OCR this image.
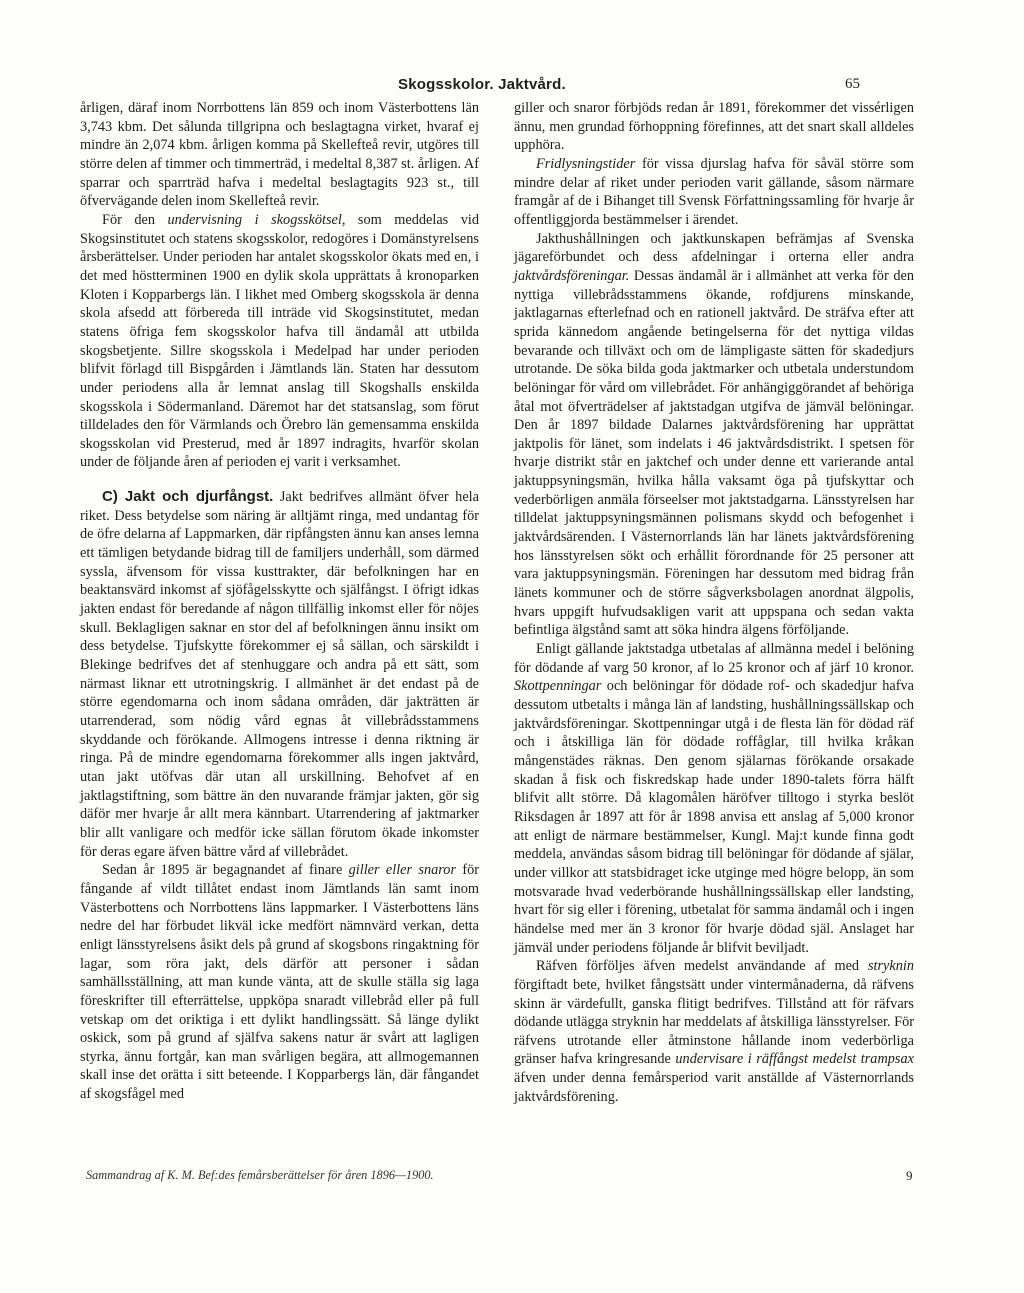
Skogsskolor. Jaktvård.	65

årligen, däraf inom Norrbottens län 859 och inom Västerbottens län 3,743 kbm. Det sålunda tillgripna och beslagtagna virket, hvaraf ej mindre än 2,074 kbm. årligen komma på Skellefteå revir, utgöres till större delen af timmer och timmerträd, i medeltal 8,387 st. årligen. Af sparrar och sparrträd hafva i medeltal beslagtagits 923 st., till öfvervägande delen inom Skellefteå revir.

För den undervisning i skogsskötsel, som meddelas vid Skogsinstitutet och statens skogsskolor, redogöres i Domänstyrelsens årsberättelser. Under perioden har antalet skogsskolor ökats med en, i det med höstterminen 1900 en dylik skola upprättats å kronoparken Kloten i Kopparbergs län. I likhet med Omberg skogsskola är denna skola afsedd att förbereda till inträde vid Skogsinstitutet, medan statens öfriga fem skogsskolor hafva till ändamål att utbilda skogsbetjente. Sillre skogsskola i Medelpad har under perioden blifvit förlagd till Bispgården i Jämtlands län. Staten har dessutom under periodens alla år lemnat anslag till Skogshalls enskilda skogsskola i Södermanland. Däremot har det statsanslag, som förut tilldelades den för Värmlands och Örebro län gemensamma enskilda skogsskolan vid Presterud, med år 1897 indragits, hvarför skolan under de följande åren af perioden ej varit i verksamhet.

C) Jakt och djurfångst. Jakt bedrifves allmänt öfver hela riket. Dess betydelse som näring är alltjämt ringa, med undantag för de öfre delarna af Lappmarken, där ripfångsten ännu kan anses lemna ett tämligen betydande bidrag till de familjers underhåll, som därmed syssla, äfvensom för vissa kusttrakter, där befolkningen har en beaktansvärd inkomst af sjöfågelsskytte och själfångst. I öfrigt idkas jakten endast för beredande af någon tillfällig inkomst eller för nöjes skull. Beklagligen saknar en stor del af befolkningen ännu insikt om dess betydelse. Tjufskytte förekommer ej så sällan, och särskildt i Blekinge bedrifves det af stenhuggare och andra på ett sätt, som närmast liknar ett utrotningskrig. I allmänhet är det endast på de större egendomarna och inom sådana områden, där jakträtten är utarrenderad, som nödig vård egnas åt villebrådsstammens skyddande och förökande. Allmogens intresse i denna riktning är ringa. På de mindre egendomarna förekommer alls ingen jaktvård, utan jakt utöfvas där utan all urskillning. Behofvet af en jaktlagstiftning, som bättre än den nuvarande främjar jakten, gör sig däför mer hvarje år allt mera kännbart. Utarrendering af jaktmarker blir allt vanligare och medför icke sällan förutom ökade inkomster för deras egare äfven bättre vård af villebrådet.

Sedan år 1895 är begagnandet af finare giller eller snaror för fångande af vildt tillåtet endast inom Jämtlands län samt inom Västerbottens och Norrbottens läns lappmarker. I Västerbottens läns nedre del har förbudet likväl icke medfört nämnvärd verkan, detta enligt länsstyrelsens åsikt dels på grund af skogsbons ringaktning för lagar, som röra jakt, dels därför att personer i sådan samhällsställning, att man kunde vänta, att de skulle ställa sig laga föreskrifter till efterrättelse, uppköpa snaradt villebråd eller på full vetskap om det oriktiga i ett dylikt handlingssätt. Så länge dylikt oskick, som på grund af själfva sakens natur är svårt att lagligen styrka, ännu fortgår, kan man svårligen begära, att allmogemannen skall inse det orätta i sitt beteende. I Kopparbergs län, där fångandet af skogsfågel med

giller och snaror förbjöds redan år 1891, förekommer det vissérligen ännu, men grundad förhoppning förefinnes, att det snart skall alldeles upphöra.

Fridlysningstider för vissa djurslag hafva för såväl större som mindre delar af riket under perioden varit gällande, såsom närmare framgår af de i Bihanget till Svensk Författningssamling för hvarje år offentliggjorda bestämmelser i ärendet.

Jakthushållningen och jaktkunskapen befrämjas af Svenska jägareförbundet och dess afdelningar i orterna eller andra jaktvårdsföreningar. Dessas ändamål är i allmänhet att verka för den nyttiga villebrådsstammens ökande, rofdjurens minskande, jaktlagarnas efterlefnad och en rationell jaktvård. De sträfva efter att sprida kännedom angående betingelserna för det nyttiga vildas bevarande och tillväxt och om de lämpligaste sätten för skadedjurs utrotande. De söka bilda goda jaktmarker och utbetala understundom belöningar för vård om villebrådet. För anhängiggörandet af behöriga åtal mot öfverträdelser af jaktstadgan utgifva de jämväl belöningar. Den år 1897 bildade Dalarnes jaktvårdsförening har upprättat jaktpolis för länet, som indelats i 46 jaktvårdsdistrikt. I spetsen för hvarje distrikt står en jaktchef och under denne ett varierande antal jaktuppsyningsmän, hvilka hålla vaksamt öga på tjufskyttar och vederbörligen anmäla förseelser mot jaktstadgarna. Länsstyrelsen har tilldelat jaktuppsyningsmännen polismans skydd och befogenhet i jaktvårdsärenden. I Västernorrlands län har länets jaktvårdsförening hos länsstyrelsen sökt och erhållit förordnande för 25 personer att vara jaktuppsyningsmän. Föreningen har dessutom med bidrag från länets kommuner och de större sågverksbolagen anordnat älgpolis, hvars uppgift hufvudsakligen varit att uppspana och sedan vakta befintliga älgstånd samt att söka hindra älgens förföljande.

Enligt gällande jaktstadga utbetalas af allmänna medel i belöning för dödande af varg 50 kronor, af lo 25 kronor och af järf 10 kronor. Skottpenningar och belöningar för dödade rof- och skadedjur hafva dessutom utbetalts i många län af landsting, hushållningssällskap och jaktvårdsföreningar. Skottpenningar utgå i de flesta län för dödad räf och i åtskilliga län för dödade roffåglar, till hvilka kråkan mångenstädes räknas. Den genom själarnas förökande orsakade skadan å fisk och fiskredskap hade under 1890-talets förra hälft blifvit allt större. Då klagomålen häröfver tilltogo i styrka beslöt Riksdagen år 1897 att för år 1898 anvisa ett anslag af 5,000 kronor att enligt de närmare bestämmelser, Kungl. Maj:t kunde finna godt meddela, användas såsom bidrag till belöningar för dödande af själar, under villkor att statsbidraget icke utginge med högre belopp, än som motsvarade hvad vederbörande hushållningssällskap eller landsting, hvart för sig eller i förening, utbetalat för samma ändamål och i ingen händelse med mer än 3 kronor för hvarje dödad själ. Anslaget har jämväl under periodens följande år blifvit beviljadt.

Räfven förföljes äfven medelst användande af med stryknin förgiftadt bete, hvilket fångstsätt under vintermånaderna, då räfvens skinn är värdefullt, ganska flitigt bedrifves. Tillstånd att för räfvars dödande utlägga stryknin har meddelats af åtskilliga länsstyrelser. För räfvens utrotande eller åtminstone hållande inom vederbörliga gränser hafva kringresande undervisare i räffångst medelst trampsax äfven under denna femårsperiod varit anställde af Västernorrlands jaktvårdsförening.

Sammandrag af K. M. Bef:des femårsberättelser för åren 1896—1900.	9
